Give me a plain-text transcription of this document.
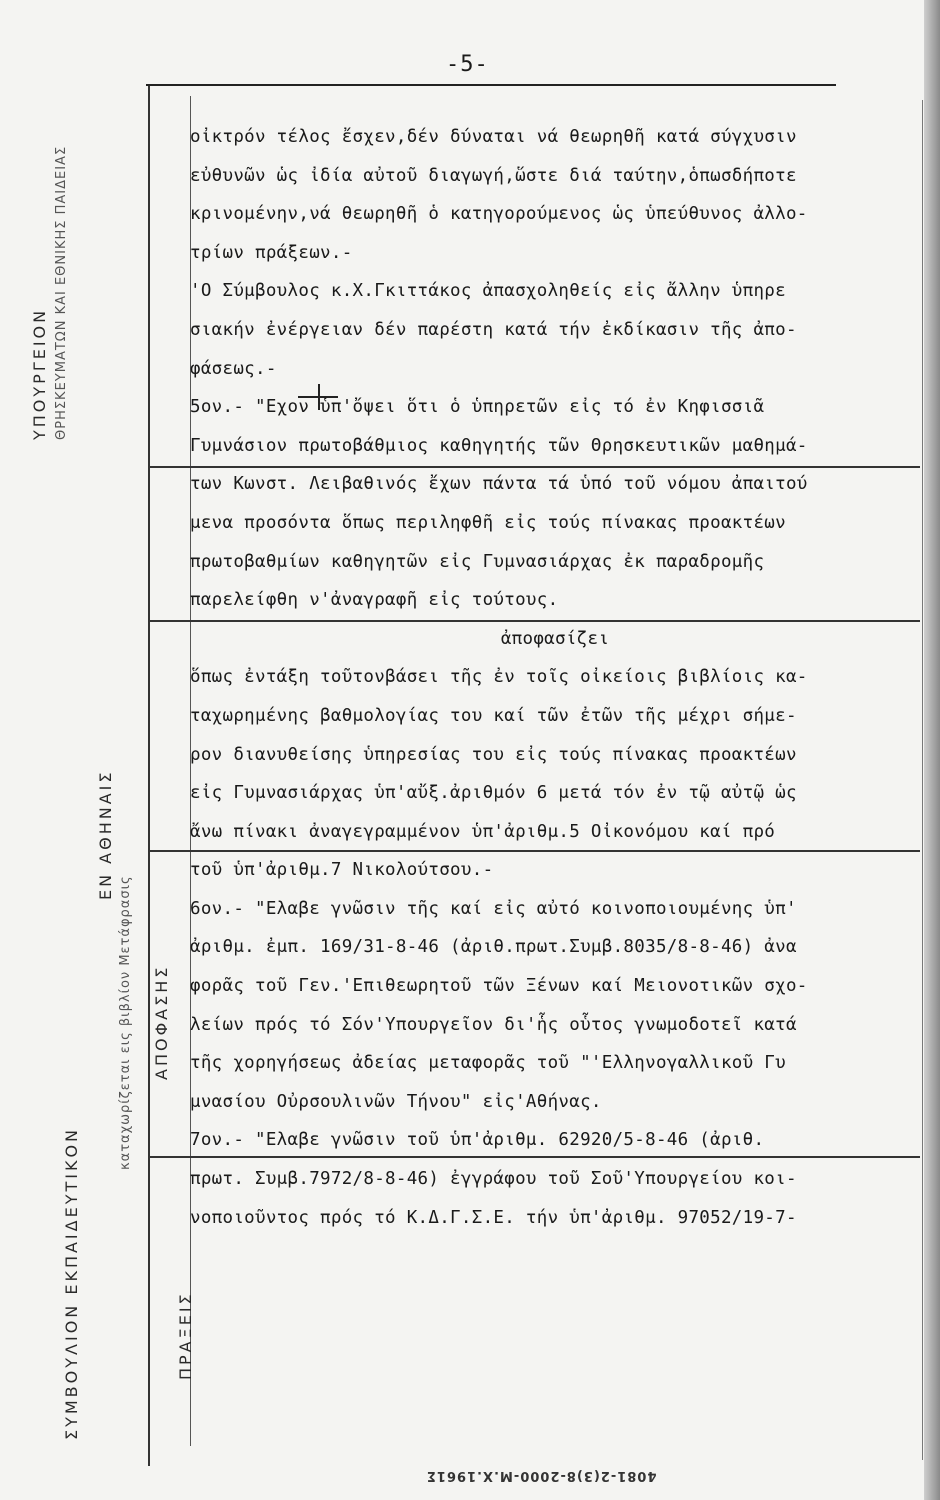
-5-
ΣΥΜΒΟΥΛΙΟΝ ΕΚΠΑΙΔΕΥΤΙΚΟΝ
ΥΠΟΥΡΓΕΙΟΝ ΘΡΗΣΚΕΥΜΑΤΩΝ ΚΑΙ ΕΘΝΙΚΗΣ ΠΑΙΔΕΙΑΣ
ΕΝ ΑΘΗΝΑΙΣ
καταχωρίζεται εις βιβλίον Μετάφρασις ΑΠΟΦΑΣΗΣ
ΠΡΑΞΕΙΣ
οἰκτρόν τέλος ἔσχεν,δέν δύναται νά θεωρηθῆ κατά σύγχυσιν
εὐθυνῶν ὡς ἰδία αὐτοῦ διαγωγή,ὥστε διά ταύτην,ὁπωσδήποτε
κρινομένην,νά θεωρηθῆ ὁ κατηγορούμενος ὡς ὑπεύθυνος ἀλλο-
τρίων πράξεων.-
'Ο Σύμβουλος κ.Χ.Γκιττάκος ἀπασχοληθείς εἰς ἄλλην ὑπηρε
σιακήν ἐνέργειαν δέν παρέστη κατά τήν ἐκδίκασιν τῆς ἀπο-
φάσεως.-
5ον.- "Εχον ὑπ'ὄψει ὅτι ὁ ὑπηρετῶν εἰς τό ἐν Κηφισσιᾶ
Γυμνάσιον πρωτοβάθμιος καθηγητής τῶν Θρησκευτικῶν μαθημά-
των Κωνστ. Λειβαθινός ἔχων πάντα τά ὑπό τοῦ νόμου ἀπαιτού
μενα προσόντα ὅπως περιληφθῆ εἰς τούς πίνακας προακτέων
πρωτοβαθμίων καθηγητῶν εἰς Γυμνασιάρχας ἐκ παραδρομῆς
παρελείφθη ν'ἀναγραφῆ εἰς τούτους.
ἀποφασίζει
ὅπως ἐντάξη τοῦτονβάσει τῆς ἐν τοῖς οἰκείοις βιβλίοις κα-
ταχωρημένης βαθμολογίας του καί τῶν ἐτῶν τῆς μέχρι σήμε-
ρον διανυθείσης ὑπηρεσίας του εἰς τούς πίνακας προακτέων
εἰς Γυμνασιάρχας ὑπ'αὔξ.ἀριθμόν 6 μετά τόν ἐν τῷ αὐτῷ ὡς
ἄνω πίνακι ἀναγεγραμμένον ὑπ'ἀριθμ.5 Οἰκονόμου καί πρό
τοῦ ὑπ'ἀριθμ.7 Νικολούτσου.-
6ον.- "Ελαβε γνῶσιν τῆς καί εἰς αὐτό κοινοποιουμένης ὑπ'
ἀριθμ. ἐμπ. 169/31-8-46 (ἀριθ.πρωτ.Συμβ.8035/8-8-46) ἀνα
φορᾶς τοῦ Γεν.'Επιθεωρητοῦ τῶν Ξένων καί Μειονοτικῶν σχο-
λείων πρός τό Σόν'Υπουργεῖον δι'ἧς οὗτος γνωμοδοτεῖ κατά
τῆς χορηγήσεως ἀδείας μεταφορᾶς τοῦ "'Ελληνογαλλικοῦ Γυ
μνασίου Οὐρσουλινῶν Τήνου" εἰς'Αθήνας.
7ον.- "Ελαβε γνῶσιν τοῦ ὑπ'ἀριθμ. 62920/5-8-46 (ἀριθ.
πρωτ. Συμβ.7972/8-8-46) ἐγγράφου τοῦ Σοῦ'Υπουργείου κοι-
νοποιοῦντος πρός τό Κ.Δ.Γ.Σ.Ε. τήν ὑπ'ἀριθμ. 97052/19-7-
4081-2(3)8-2000-Μ.Χ.1961Σ
